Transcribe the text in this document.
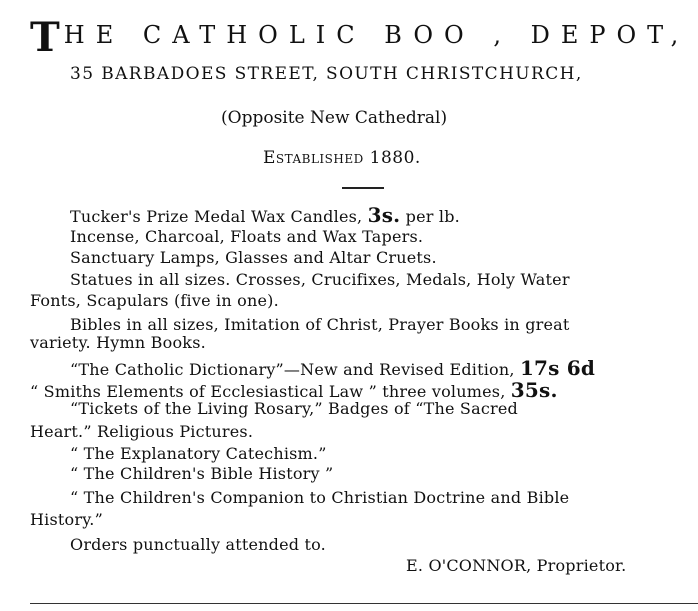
THE CATHOLIC BOO , DEPOT,
35 BARBADOES STREET, SOUTH CHRISTCHURCH,
(Opposite New Cathedral)
Established 1880.
Tucker's Prize Medal Wax Candles, 3s. per lb.
Incense, Charcoal, Floats and Wax Tapers.
Sanctuary Lamps, Glasses and Altar Cruets.
Statues in all sizes. Crosses, Crucifixes, Medals, Holy Water
Fonts, Scapulars (five in one).
Bibles in all sizes, Imitation of Christ, Prayer Books in great
variety. Hymn Books.
“The Catholic Dictionary”—New and Revised Edition, 17s 6d
“ Smiths Elements of Ecclesiastical Law ” three volumes, 35s.
“Tickets of the Living Rosary,” Badges of “The Sacred
Heart.” Religious Pictures.
“ The Explanatory Catechism.”
“ The Children's Bible History ”
“ The Children's Companion to Christian Doctrine and Bible
History.”
Orders punctually attended to.
E. O'CONNOR, Proprietor.
